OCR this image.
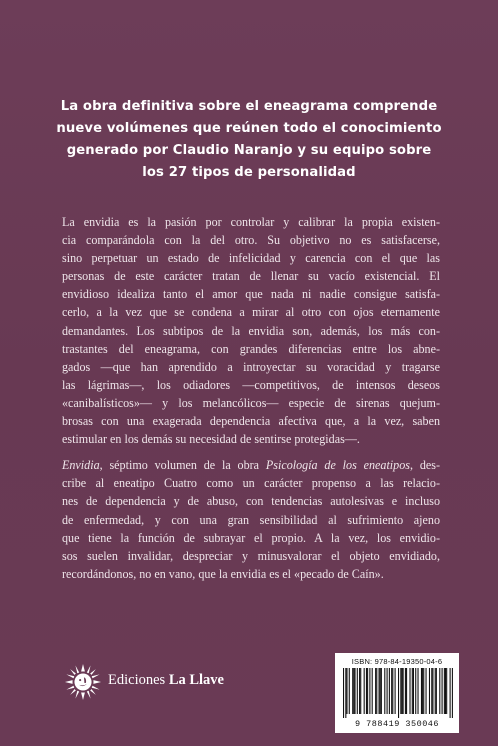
La obra definitiva sobre el eneagrama comprende
nueve volúmenes que reúnen todo el conocimiento
generado por Claudio Naranjo y su equipo sobre
los 27 tipos de personalidad
La envidia es la pasión por controlar y calibrar la propia existen-
cia comparándola con la del otro. Su objetivo no es satisfacerse,
sino perpetuar un estado de infelicidad y carencia con el que las
personas de este carácter tratan de llenar su vacío existencial. El
envidioso idealiza tanto el amor que nada ni nadie consigue satisfa-
cerlo, a la vez que se condena a mirar al otro con ojos eternamente
demandantes. Los subtipos de la envidia son, además, los más con-
trastantes del eneagrama, con grandes diferencias entre los abne-
gados —que han aprendido a introyectar su voracidad y tragarse
las lágrimas—, los odiadores —competitivos, de intensos deseos
«canibalísticos»— y los melancólicos— especie de sirenas quejum-
brosas con una exagerada dependencia afectiva que, a la vez, saben
estimular en los demás su necesidad de sentirse protegidas—.
Envidia, séptimo volumen de la obra Psicología de los eneatipos, des-
cribe al eneatipo Cuatro como un carácter propenso a las relacio-
nes de dependencia y de abuso, con tendencias autolesivas e incluso
de enfermedad, y con una gran sensibilidad al sufrimiento ajeno
que tiene la función de subrayar el propio. A la vez, los envidio-
sos suelen invalidar, despreciar y minusvalorar el objeto envidiado,
recordándonos, no en vano, que la envidia es el «pecado de Caín».
Ediciones La Llave
ISBN: 978-84-19350-04-6
9 788419 350046
